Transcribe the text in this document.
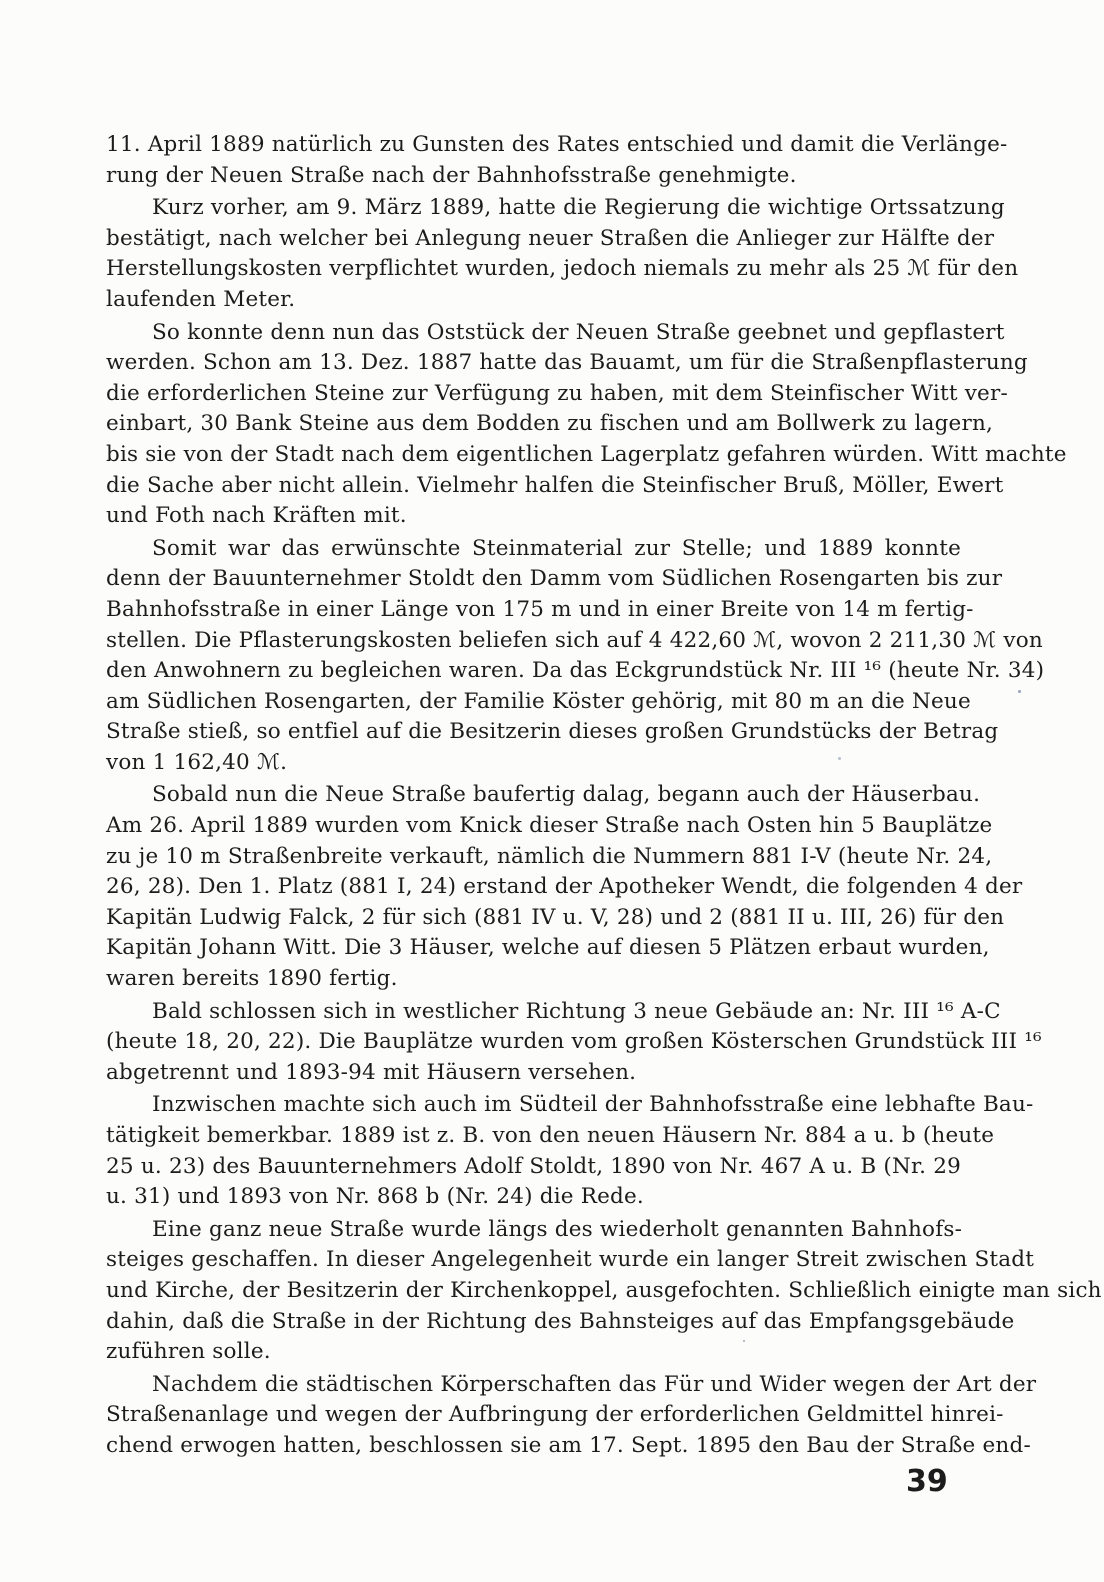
11. April 1889 natürlich zu Gunsten des Rates entschied und damit die Verlänge-
rung der Neuen Straße nach der Bahnhofsstraße genehmigte.

Kurz vorher, am 9. März 1889, hatte die Regierung die wichtige Ortssatzung
bestätigt, nach welcher bei Anlegung neuer Straßen die Anlieger zur Hälfte der
Herstellungskosten verpflichtet wurden, jedoch niemals zu mehr als 25 ℳ für den
laufenden Meter.

So konnte denn nun das Oststück der Neuen Straße geebnet und gepflastert
werden. Schon am 13. Dez. 1887 hatte das Bauamt, um für die Straßenpflasterung
die erforderlichen Steine zur Verfügung zu haben, mit dem Steinfischer Witt ver-
einbart, 30 Bank Steine aus dem Bodden zu fischen und am Bollwerk zu lagern,
bis sie von der Stadt nach dem eigentlichen Lagerplatz gefahren würden. Witt machte
die Sache aber nicht allein. Vielmehr halfen die Steinfischer Bruß, Möller, Ewert
und Foth nach Kräften mit.

Somit war das erwünschte Steinmaterial zur Stelle; und 1889 konnte
denn der Bauunternehmer Stoldt den Damm vom Südlichen Rosengarten bis zur
Bahnhofsstraße in einer Länge von 175 m und in einer Breite von 14 m fertig-
stellen. Die Pflasterungskosten beliefen sich auf 4 422,60 ℳ, wovon 2 211,30 ℳ von
den Anwohnern zu begleichen waren. Da das Eckgrundstück Nr. III ¹⁶ (heute Nr. 34)
am Südlichen Rosengarten, der Familie Köster gehörig, mit 80 m an die Neue
Straße stieß, so entfiel auf die Besitzerin dieses großen Grundstücks der Betrag
von 1 162,40 ℳ.

Sobald nun die Neue Straße baufertig dalag, begann auch der Häuserbau.
Am 26. April 1889 wurden vom Knick dieser Straße nach Osten hin 5 Bauplätze
zu je 10 m Straßenbreite verkauft, nämlich die Nummern 881 I-V (heute Nr. 24,
26, 28). Den 1. Platz (881 I, 24) erstand der Apotheker Wendt, die folgenden 4 der
Kapitän Ludwig Falck, 2 für sich (881 IV u. V, 28) und 2 (881 II u. III, 26) für den
Kapitän Johann Witt. Die 3 Häuser, welche auf diesen 5 Plätzen erbaut wurden,
waren bereits 1890 fertig.

Bald schlossen sich in westlicher Richtung 3 neue Gebäude an: Nr. III ¹⁶ A-C
(heute 18, 20, 22). Die Bauplätze wurden vom großen Kösterschen Grundstück III ¹⁶
abgetrennt und 1893-94 mit Häusern versehen.

Inzwischen machte sich auch im Südteil der Bahnhofsstraße eine lebhafte Bau-
tätigkeit bemerkbar. 1889 ist z. B. von den neuen Häusern Nr. 884 a u. b (heute
25 u. 23) des Bauunternehmers Adolf Stoldt, 1890 von Nr. 467 A u. B (Nr. 29
u. 31) und 1893 von Nr. 868 b (Nr. 24) die Rede.

Eine ganz neue Straße wurde längs des wiederholt genannten Bahnhofs-
steiges geschaffen. In dieser Angelegenheit wurde ein langer Streit zwischen Stadt
und Kirche, der Besitzerin der Kirchenkoppel, ausgefochten. Schließlich einigte man sich
dahin, daß die Straße in der Richtung des Bahnsteiges auf das Empfangsgebäude
zuführen solle.

Nachdem die städtischen Körperschaften das Für und Wider wegen der Art der
Straßenanlage und wegen der Aufbringung der erforderlichen Geldmittel hinrei-
chend erwogen hatten, beschlossen sie am 17. Sept. 1895 den Bau der Straße end-

39
